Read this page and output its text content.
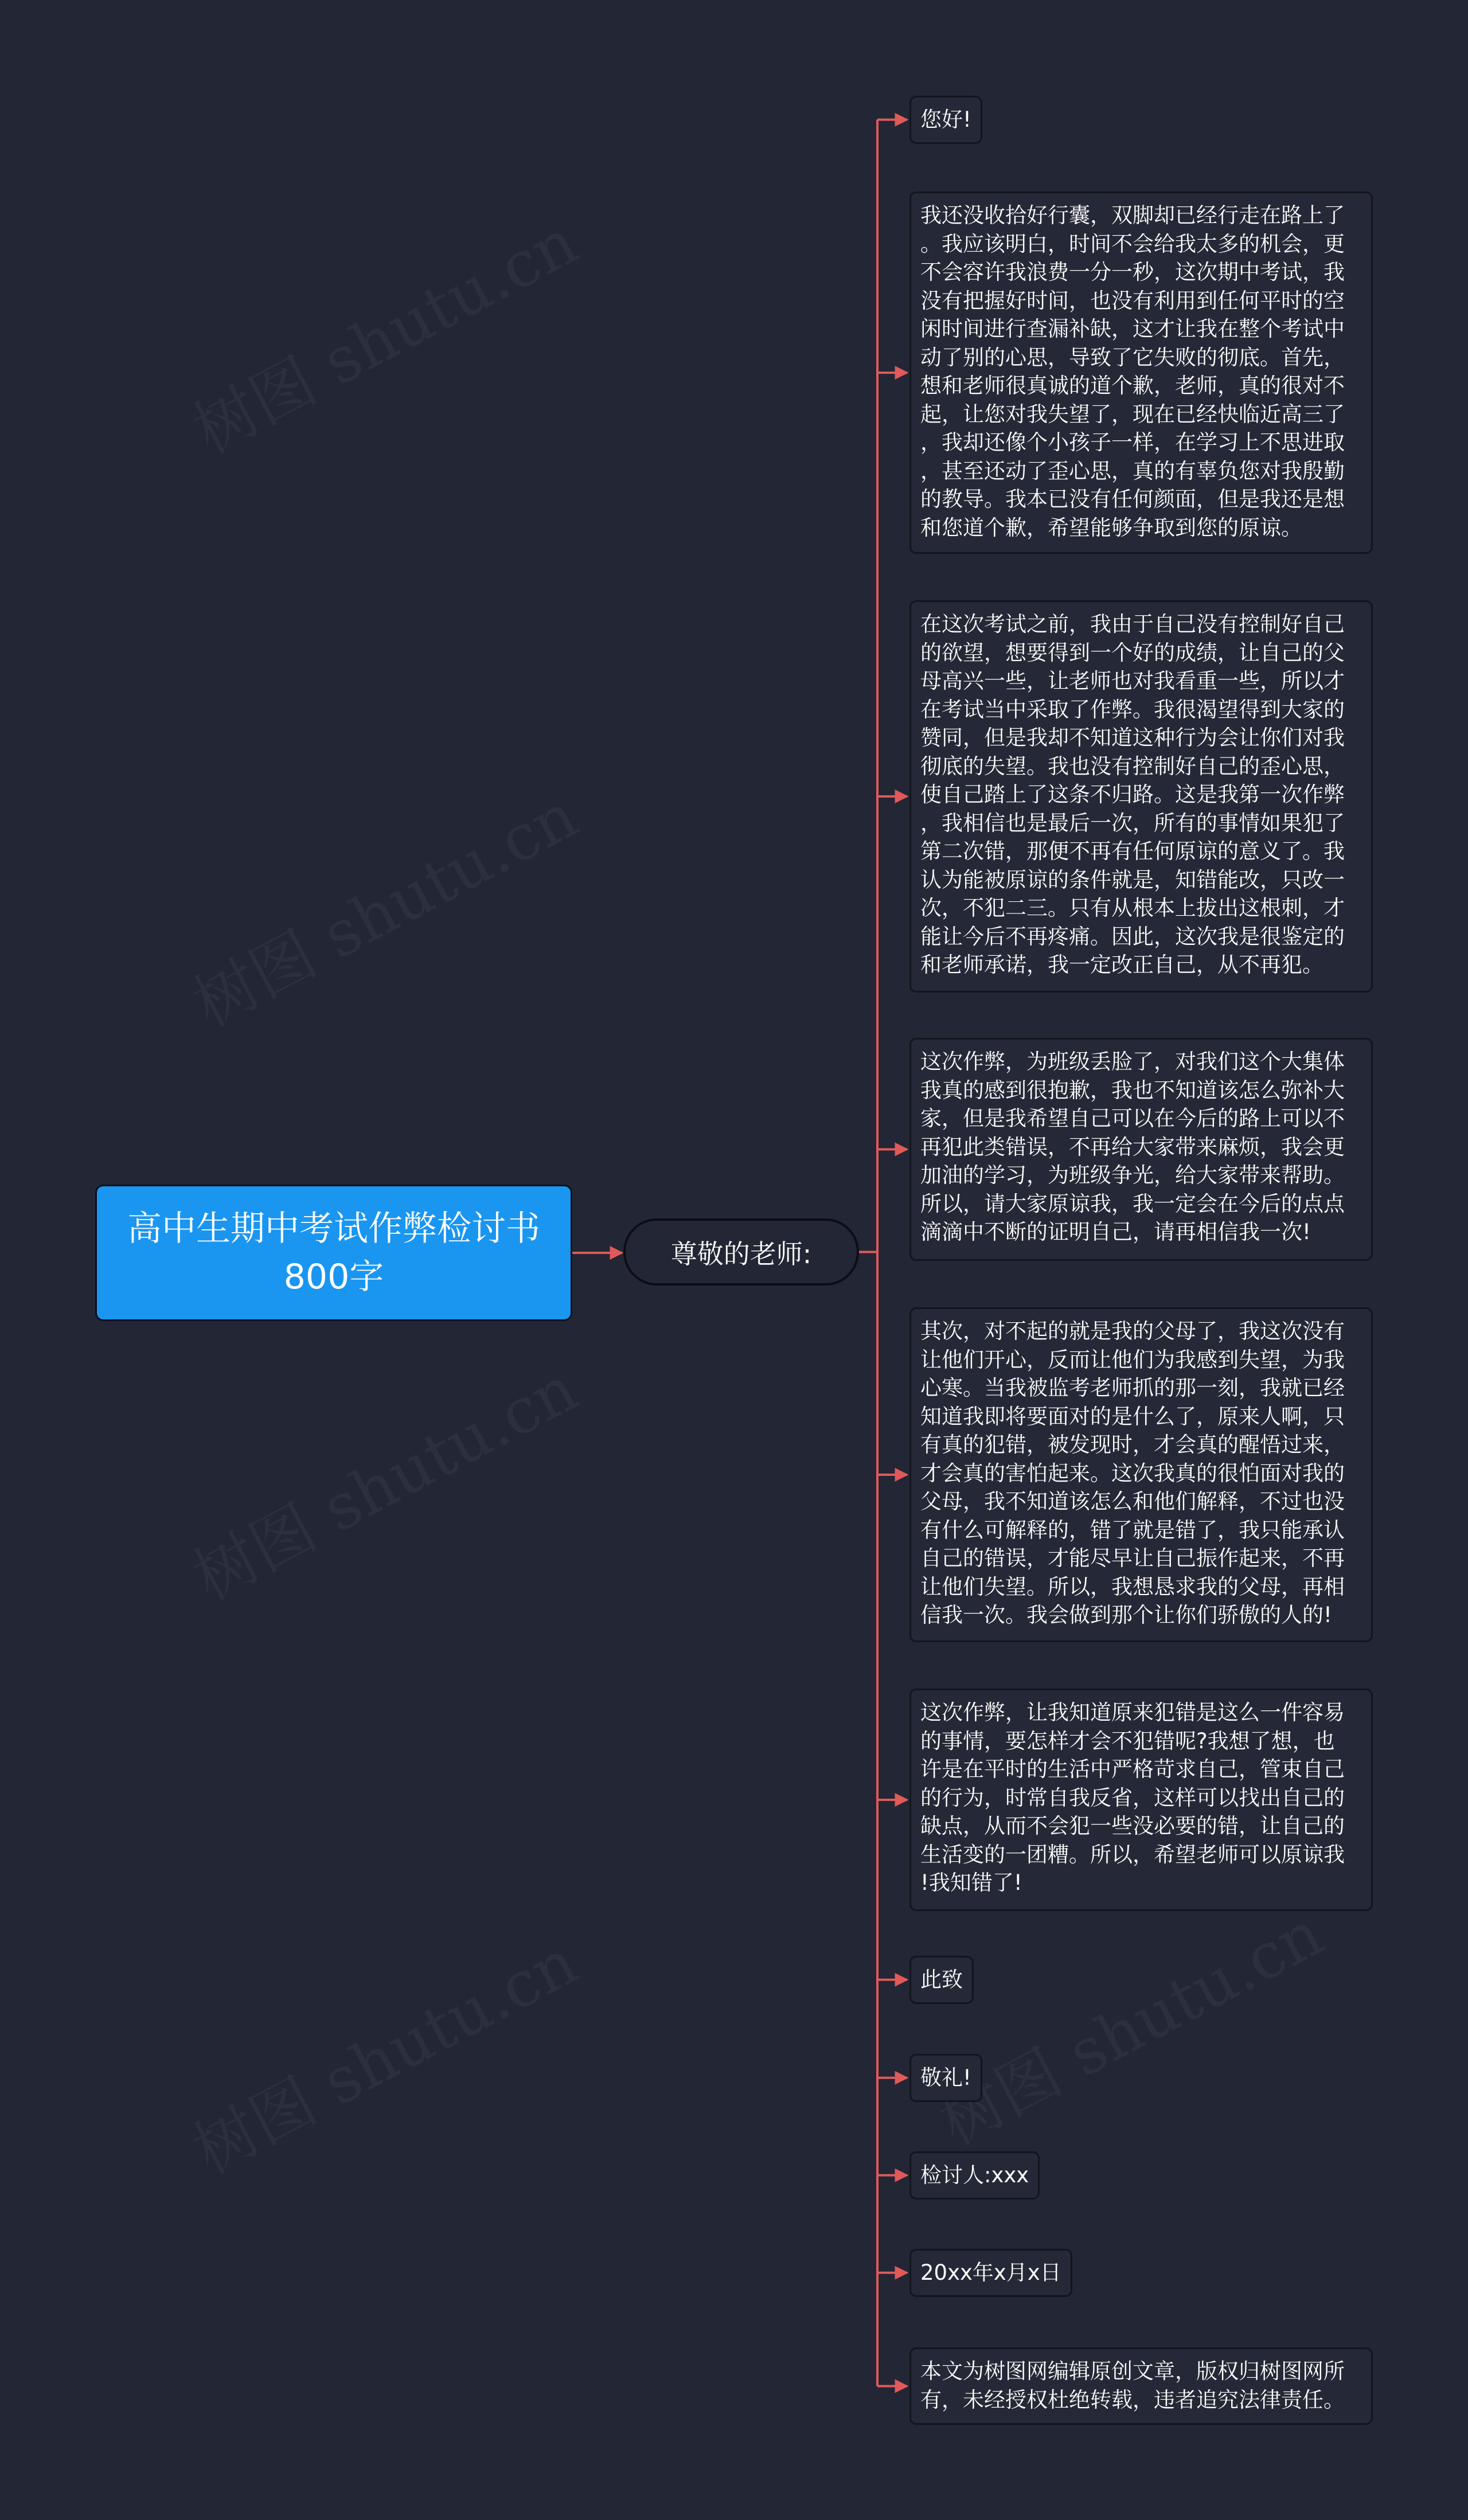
高中生期中考试作弊检讨书800字
尊敬的老师:
您好!
我还没收拾好行囊，双脚却已经行走在路上了
。我应该明白，时间不会给我太多的机会，更
不会容许我浪费一分一秒，这次期中考试，我
没有把握好时间，也没有利用到任何平时的空
闲时间进行查漏补缺，这才让我在整个考试中
动了别的心思，导致了它失败的彻底。首先，
想和老师很真诚的道个歉，老师，真的很对不
起，让您对我失望了，现在已经快临近高三了
，我却还像个小孩子一样，在学习上不思进取
，甚至还动了歪心思，真的有辜负您对我殷勤
的教导。我本已没有任何颜面，但是我还是想
和您道个歉，希望能够争取到您的原谅。
在这次考试之前，我由于自己没有控制好自己
的欲望，想要得到一个好的成绩，让自己的父
母高兴一些，让老师也对我看重一些，所以才
在考试当中采取了作弊。我很渴望得到大家的
赞同，但是我却不知道这种行为会让你们对我
彻底的失望。我也没有控制好自己的歪心思，
使自己踏上了这条不归路。这是我第一次作弊
，我相信也是最后一次，所有的事情如果犯了
第二次错，那便不再有任何原谅的意义了。我
认为能被原谅的条件就是，知错能改，只改一
次，不犯二三。只有从根本上拔出这根刺，才
能让今后不再疼痛。因此，这次我是很鉴定的
和老师承诺，我一定改正自己，从不再犯。
这次作弊，为班级丢脸了，对我们这个大集体
我真的感到很抱歉，我也不知道该怎么弥补大
家，但是我希望自己可以在今后的路上可以不
再犯此类错误，不再给大家带来麻烦，我会更
加油的学习，为班级争光，给大家带来帮助。
所以，请大家原谅我，我一定会在今后的点点
滴滴中不断的证明自己，请再相信我一次!
其次，对不起的就是我的父母了，我这次没有
让他们开心，反而让他们为我感到失望，为我
心寒。当我被监考老师抓的那一刻，我就已经
知道我即将要面对的是什么了，原来人啊，只
有真的犯错，被发现时，才会真的醒悟过来，
才会真的害怕起来。这次我真的很怕面对我的
父母，我不知道该怎么和他们解释，不过也没
有什么可解释的，错了就是错了，我只能承认
自己的错误，才能尽早让自己振作起来，不再
让他们失望。所以，我想恳求我的父母，再相
信我一次。我会做到那个让你们骄傲的人的!
这次作弊，让我知道原来犯错是这么一件容易
的事情，要怎样才会不犯错呢?我想了想，也
许是在平时的生活中严格苛求自己，管束自己
的行为，时常自我反省，这样可以找出自己的
缺点，从而不会犯一些没必要的错，让自己的
生活变的一团糟。所以，希望老师可以原谅我
!我知错了!
此致
敬礼!
检讨人:xxx
20xx年x月x日
本文为树图网编辑原创文章，版权归树图网所
有，未经授权杜绝转载，违者追究法律责任。
